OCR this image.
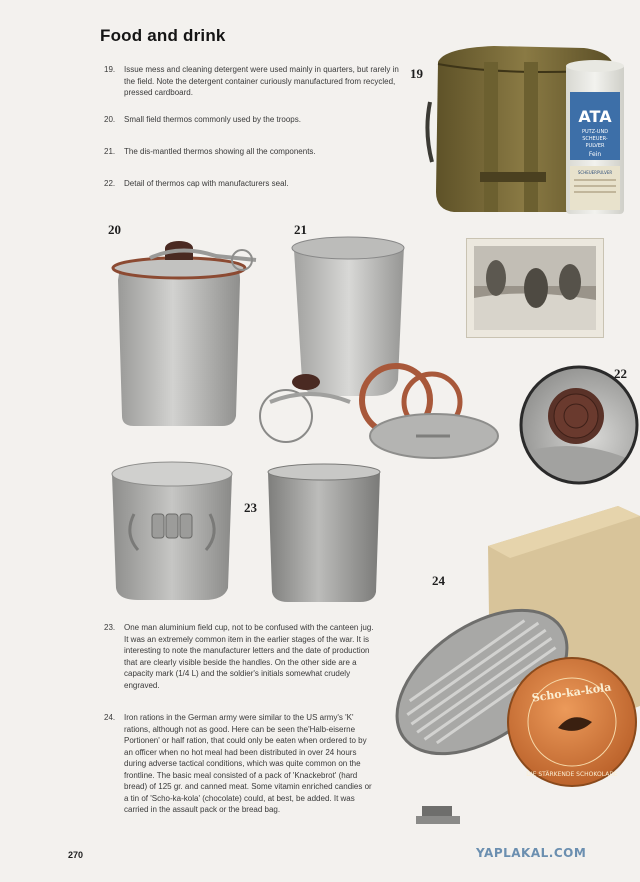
Food and drink
19.	Issue mess and cleaning detergent were used mainly in quarters, but rarely in the field. Note the detergent container curiously manufactured from recycled, pressed cardboard.
20.	Small field thermos commonly used by the troops.
21.	The dis-mantled thermos showing all the components.
22.	Detail of thermos cap with manufacturers seal.
19
20	21
22
23
24
ATA
PUTZ-UND
SCHEUER-
PULVER
Fein
SCHEUERPULVER
Scho-ka-kola
DIE STÄRKENDE SCHOKOLADE
23.	One man aluminium field cup, not to be confused with the canteen jug. It was an extremely common item in the earlier stages of the war. It is interesting to note the manufacturer letters and the date of production that are clearly visible beside the handles. On the other side are a capacity mark (1/4 L) and the soldier's initials somewhat crudely engraved.
24.	Iron rations in the German army were similar to the US army's 'K' rations, although not as good. Here can be seen the'Halb-eiserne Portionen' or half ration, that could only be eaten when ordered to by an officer when no hot meal had been distributed in over 24 hours during adverse tactical conditions, which was quite common on the frontline. The basic meal consisted of a pack of 'Knackebrot' (hard bread) of 125 gr. and canned meat. Some vitamin enriched candies or a tin of 'Scho-ka-kola' (chocolate) could, at best, be added. It was carried in the assault pack or the bread bag.
270	YAPLAKAL.COM
